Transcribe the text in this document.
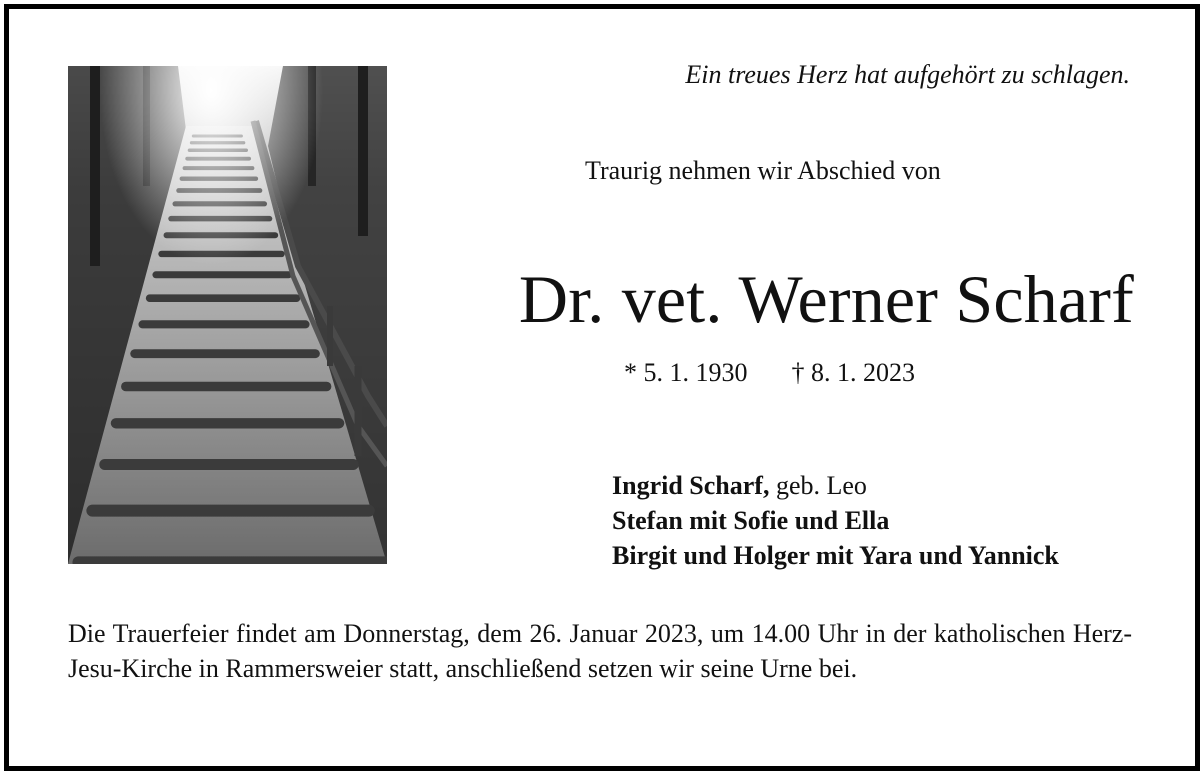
Ein treues Herz hat aufgehört zu schlagen.
Traurig nehmen wir Abschied von
Dr. vet. Werner Scharf
* 5. 1. 1930 † 8. 1. 2023
Ingrid Scharf, geb. Leo
Stefan mit Sofie und Ella
Birgit und Holger mit Yara und Yannick
Die Trauerfeier findet am Donnerstag, dem 26. Januar 2023, um 14.00 Uhr in der katholischen Herz-Jesu-Kirche in Rammersweier statt, anschließend setzen wir seine Urne bei.
